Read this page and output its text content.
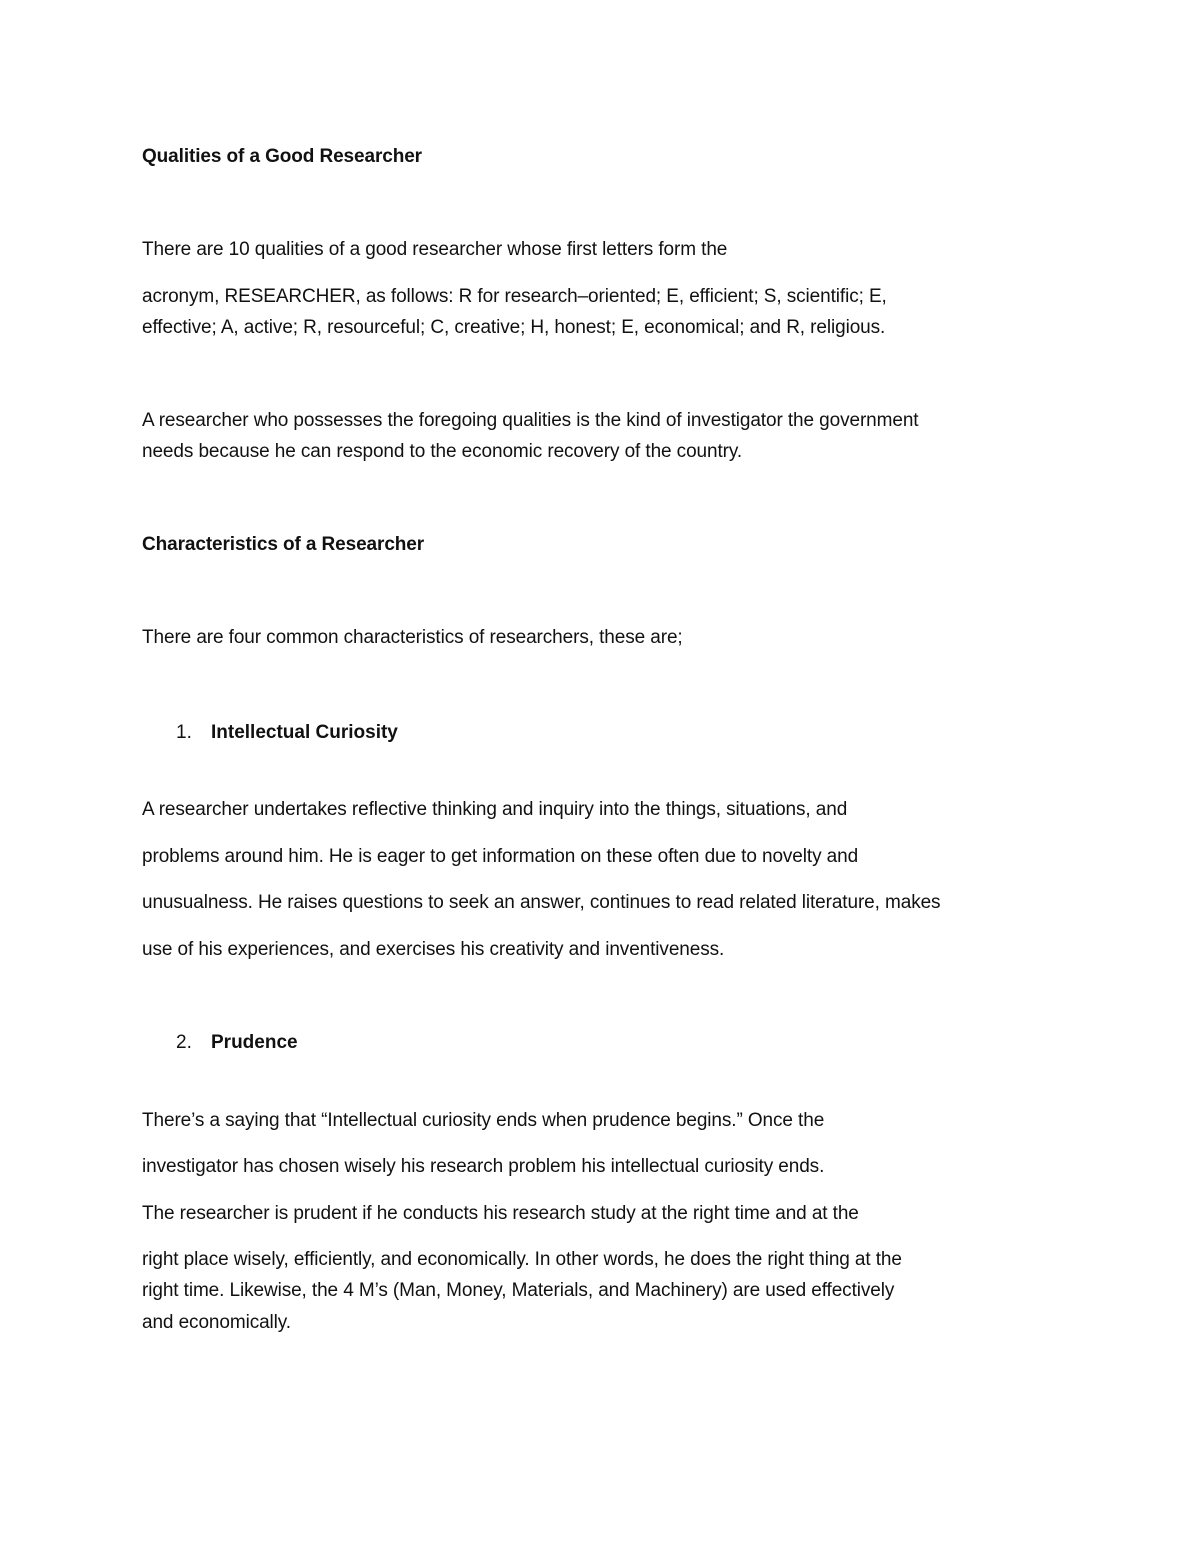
Qualities of a Good Researcher
There are 10 qualities of a good researcher whose first letters form the
acronym, RESEARCHER, as follows: R for research–oriented; E, efficient; S, scientific; E,
effective; A, active; R, resourceful; C, creative; H, honest; E, economical; and R, religious.
A researcher who possesses the foregoing qualities is the kind of investigator the government
needs because he can respond to the economic recovery of the country.
Characteristics of a Researcher
There are four common characteristics of researchers, these are;
1. Intellectual Curiosity
A researcher undertakes reflective thinking and inquiry into the things, situations, and
problems around him. He is eager to get information on these often due to novelty and
unusualness. He raises questions to seek an answer, continues to read related literature, makes
use of his experiences, and exercises his creativity and inventiveness.
2. Prudence
There’s a saying that “Intellectual curiosity ends when prudence begins.” Once the
investigator has chosen wisely his research problem his intellectual curiosity ends.
The researcher is prudent if he conducts his research study at the right time and at the
right place wisely, efficiently, and economically. In other words, he does the right thing at the
right time. Likewise, the 4 M’s (Man, Money, Materials, and Machinery) are used effectively
and economically.
